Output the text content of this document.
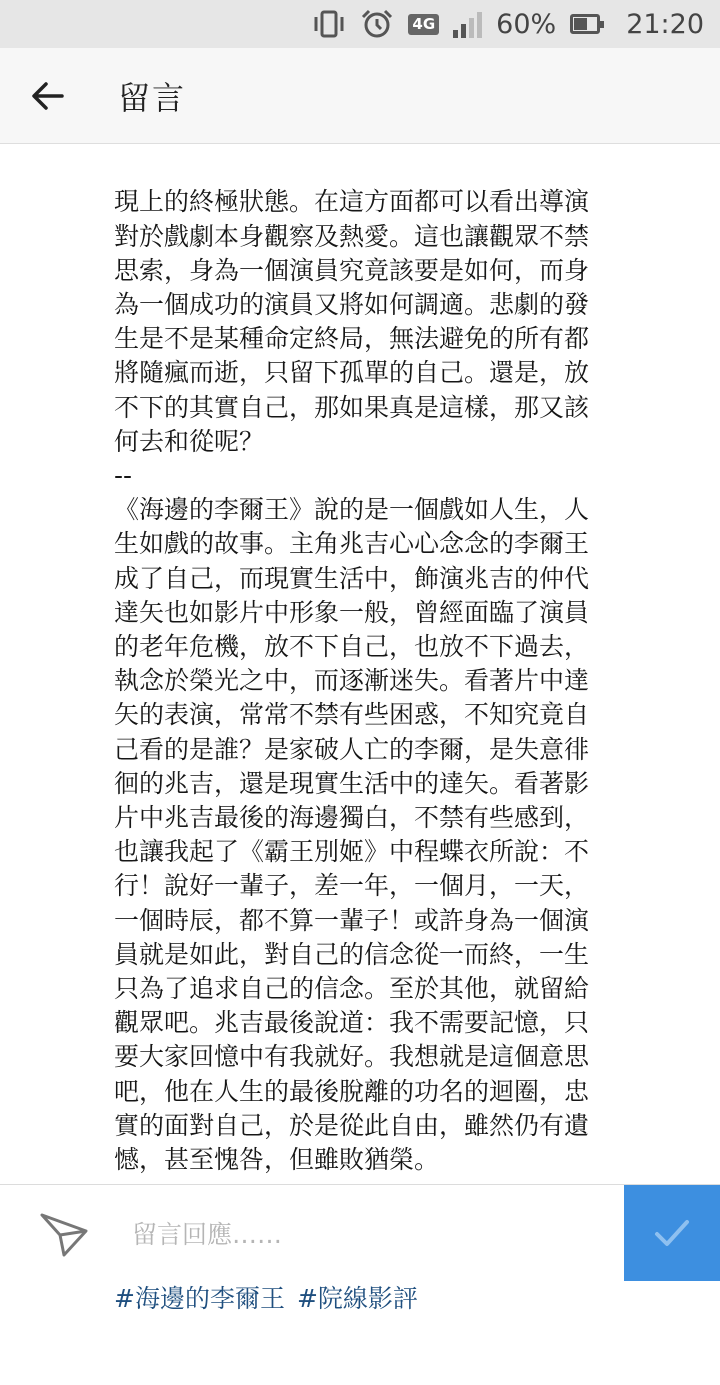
4G 60%	21:20
留言

現上的終極狀態。在這方面都可以看出導演
對於戲劇本身觀察及熱愛。這也讓觀眾不禁
思索，身為一個演員究竟該要是如何，而身
為一個成功的演員又將如何調適。悲劇的發
生是不是某種命定終局，無法避免的所有都
將隨瘋而逝，只留下孤單的自己。還是，放
不下的其實自己，那如果真是這樣，那又該
何去和從呢？
--
《海邊的李爾王》說的是一個戲如人生，人
生如戲的故事。主角兆吉心心念念的李爾王
成了自己，而現實生活中，飾演兆吉的仲代
達矢也如影片中形象一般，曾經面臨了演員
的老年危機，放不下自己，也放不下過去，
執念於榮光之中，而逐漸迷失。看著片中達
矢的表演，常常不禁有些困惑，不知究竟自
己看的是誰？是家破人亡的李爾，是失意徘
徊的兆吉，還是現實生活中的達矢。看著影
片中兆吉最後的海邊獨白，不禁有些感到，
也讓我起了《霸王別姬》中程蝶衣所說：不
行！說好一輩子，差一年，一個月，一天，
一個時辰，都不算一輩子！或許身為一個演
員就是如此，對自己的信念從一而終，一生
只為了追求自己的信念。至於其他，就留給
觀眾吧。兆吉最後說道：我不需要記憶，只
要大家回憶中有我就好。我想就是這個意思
吧，他在人生的最後脫離的功名的迴圈，忠
實的面對自己，於是從此自由，雖然仍有遺
憾，甚至愧咎，但雖敗猶榮。

#海邊的李爾王 #院線影評

留言回應……
